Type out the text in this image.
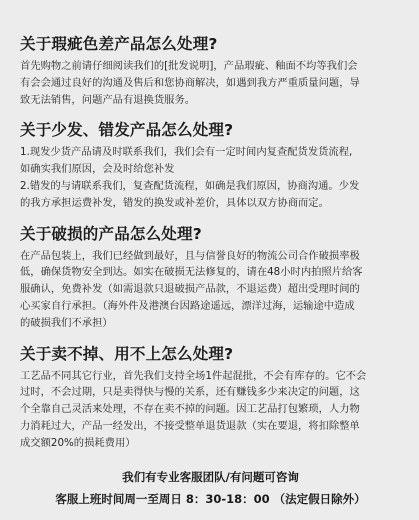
关于瑕疵色差产品怎么处理?

首先购物之前请仔细阅读我们的[批发说明]，产品瑕疵、釉面不均等我们会
有会会通过良好的沟通及售后和您协商解决，如遇到我方严重质量问题，导
致无法销售，问题产品有退换货服务。

关于少发、错发产品怎么处理?

1.现发少货产品请及时联系我们，我们会有一定时间内复查配货发货流程,
如确实我们原因，会及时给您补发
2.错发的与请联系我们，复查配货流程，如确是我们原因，协商沟通。少发
的我方承担运费补发，错发的换发或补差价，具体以双方协商而定。

关于破损的产品怎么处理?

在产品包装上，我们已经做到最好，且与信誉良好的物流公司合作破损率极
低，确保货物安全到达。如实在破损无法修复的，请在48小时内拍照片给客
服确认，免费补发（如需退款只退破损产品款，不退运费）超出受理时间的
心买家自行承担。（海外件及港澳台因路途遥远，漂洋过海，运输途中造成
的破损我们不承担）

关于卖不掉、用不上怎么处理?

工艺品不同其它行业，首先我们支持全场1件起混批，不会有库存的。它不会
过时，不会过期，只是卖得快与慢的关系，还有赚钱多少来决定的问题，这
个全靠自己灵活来处理，不存在卖不掉的问题。因工艺品打包繁琐，人力物
力消耗过大，产品一经发出，不接受整单退货退款（实在要退，将扣除整单
成交额20%的损耗费用）

我们有专业客服团队/有问题可咨询
客服上班时间周一至周日 8：30-18：00 （法定假日除外）
